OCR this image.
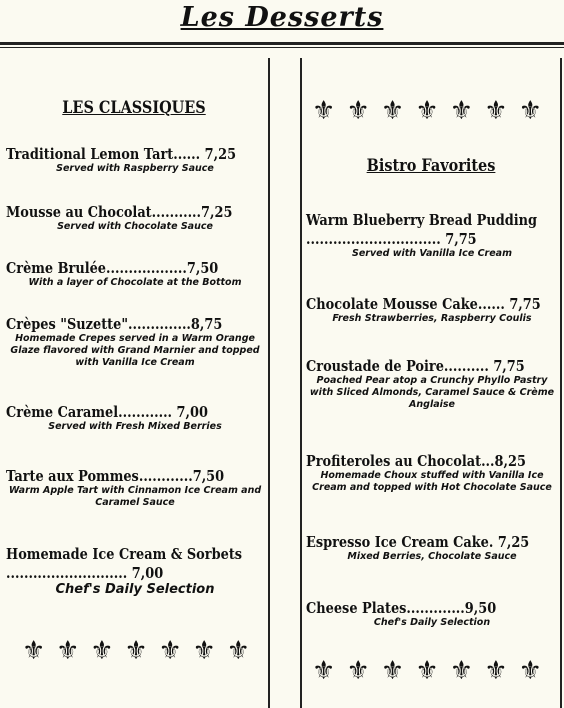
Les Desserts
LES CLASSIQUES
Traditional Lemon Tart...... 7,25
Served with Raspberry Sauce
Mousse au Chocolat...........7,25
Served with Chocolate Sauce
Crème Brulée..................7,50
With a layer of Chocolate at the Bottom
Crèpes "Suzette"..............8,75
Homemade Crepes served in a Warm Orange Glaze flavored with Grand Marnier and topped with Vanilla Ice Cream
Crème Caramel............ 7,00
Served with Fresh Mixed Berries
Tarte aux Pommes............7,50
Warm Apple Tart with Cinnamon Ice Cream and Caramel Sauce
Homemade Ice Cream & Sorbets ........................... 7,00
Chef's Daily Selection
⚜ ⚜ ⚜ ⚜ ⚜ ⚜ ⚜
⚜ ⚜ ⚜ ⚜ ⚜ ⚜ ⚜
Bistro Favorites
Warm Blueberry Bread Pudding .............................. 7,75
Served with Vanilla Ice Cream
Chocolate Mousse Cake...... 7,75
Fresh Strawberries, Raspberry Coulis
Croustade de Poire.......... 7,75
Poached Pear atop a Crunchy Phyllo Pastry with Sliced Almonds, Caramel Sauce & Crème Anglaise
Profiteroles au Chocolat...8,25
Homemade Choux stuffed with Vanilla Ice Cream and topped with Hot Chocolate Sauce
Espresso Ice Cream Cake. 7,25
Mixed Berries, Chocolate Sauce
Cheese Plates.............9,50
Chef's Daily Selection
⚜ ⚜ ⚜ ⚜ ⚜ ⚜ ⚜
